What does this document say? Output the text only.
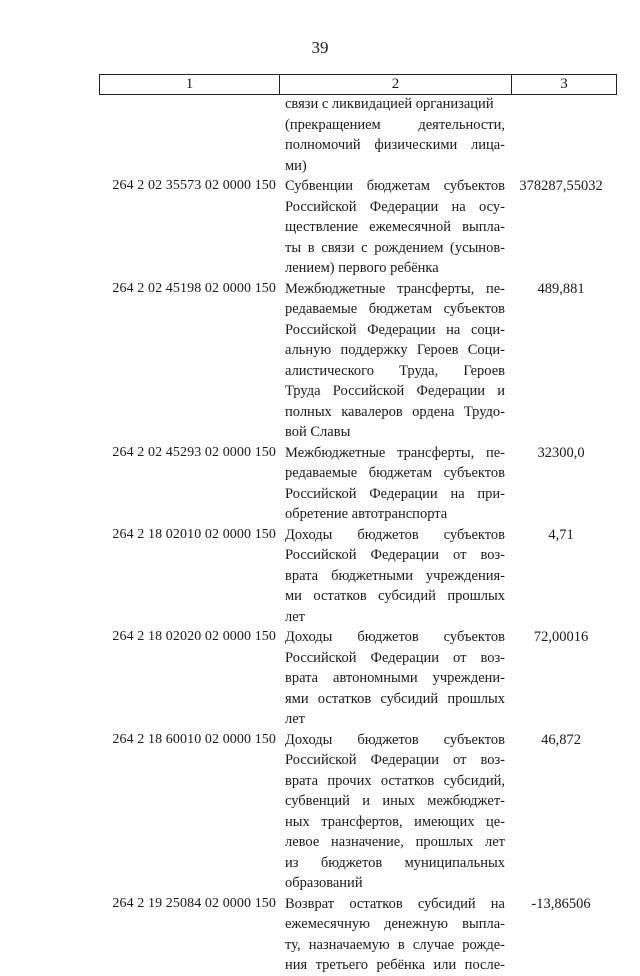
39
1	2	3
связи с ликвидацией организаций
(прекращением деятельности,
полномочий физическими лица-
ми)
264 2 02 35573 02 0000 150 Субвенции бюджетам субъектов
Российской Федерации на осу-
ществление ежемесячной выпла-
ты в связи с рождением (усынов-
лением) первого ребёнка
378287,55032
264 2 02 45198 02 0000 150 Межбюджетные трансферты, пе-
редаваемые бюджетам субъектов
Российской Федерации на соци-
альную поддержку Героев Соци-
алистического Труда, Героев
Труда Российской Федерации и
полных кавалеров ордена Трудо-
вой Славы
489,881
264 2 02 45293 02 0000 150 Межбюджетные трансферты, пе-
редаваемые бюджетам субъектов
Российской Федерации на при-
обретение автотранспорта
32300,0
264 2 18 02010 02 0000 150 Доходы бюджетов субъектов
Российской Федерации от воз-
врата бюджетными учреждения-
ми остатков субсидий прошлых
лет
4,71
264 2 18 02020 02 0000 150 Доходы бюджетов субъектов
Российской Федерации от воз-
врата автономными учреждени-
ями остатков субсидий прошлых
лет
72,00016
264 2 18 60010 02 0000 150 Доходы бюджетов субъектов
Российской Федерации от воз-
врата прочих остатков субсидий,
субвенций и иных межбюджет-
ных трансфертов, имеющих це-
левое назначение, прошлых лет
из бюджетов муниципальных
образований
46,872
264 2 19 25084 02 0000 150 Возврат остатков субсидий на
ежемесячную денежную выпла-
ту, назначаемую в случае рожде-
ния третьего ребёнка или после-
-13,86506
